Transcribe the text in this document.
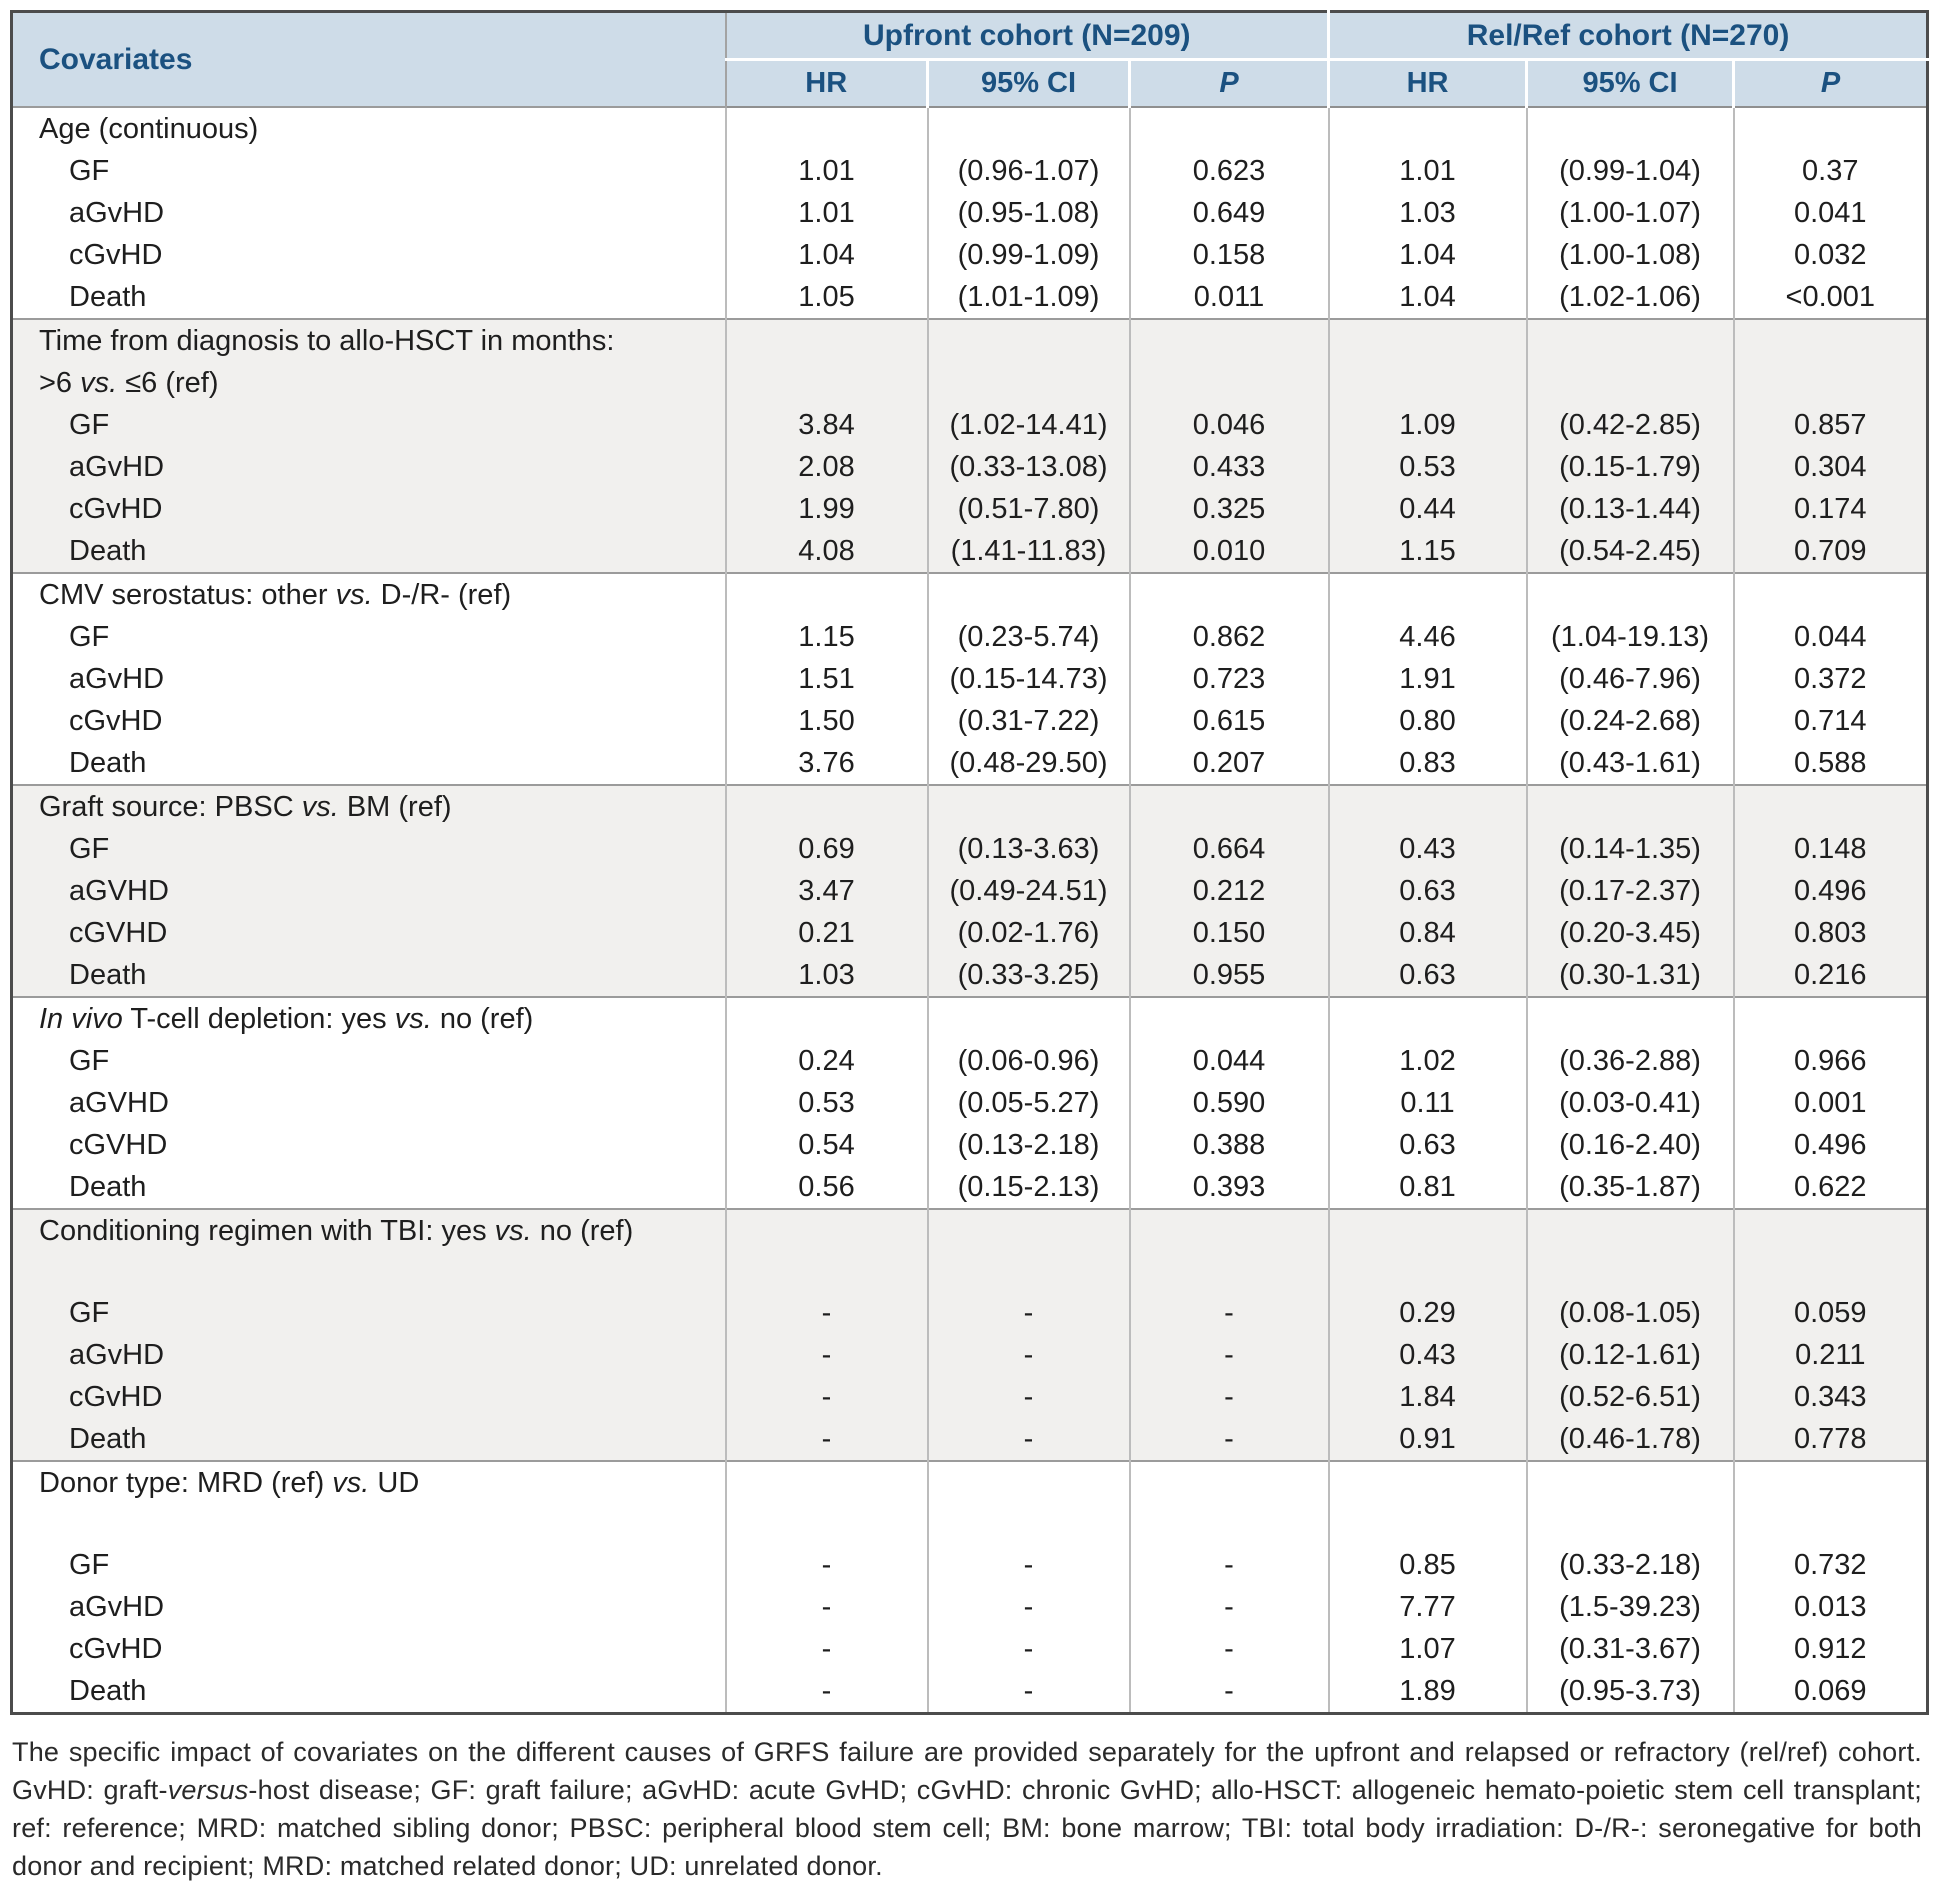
Covariates	Upfront cohort (N=209)			Rel/Ref cohort (N=270)		
	HR	95% CI	P	HR	95% CI	P
Age (continuous)						
GF	1.01	(0.96-1.07)	0.623	1.01	(0.99-1.04)	0.37
aGvHD	1.01	(0.95-1.08)	0.649	1.03	(1.00-1.07)	0.041
cGvHD	1.04	(0.99-1.09)	0.158	1.04	(1.00-1.08)	0.032
Death	1.05	(1.01-1.09)	0.011	1.04	(1.02-1.06)	<0.001
Time from diagnosis to allo-HSCT in months:
>6 vs. ≤6 (ref)						
GF	3.84	(1.02-14.41)	0.046	1.09	(0.42-2.85)	0.857
aGvHD	2.08	(0.33-13.08)	0.433	0.53	(0.15-1.79)	0.304
cGvHD	1.99	(0.51-7.80)	0.325	0.44	(0.13-1.44)	0.174
Death	4.08	(1.41-11.83)	0.010	1.15	(0.54-2.45)	0.709
CMV serostatus: other vs. D-/R- (ref)						
GF	1.15	(0.23-5.74)	0.862	4.46	(1.04-19.13)	0.044
aGvHD	1.51	(0.15-14.73)	0.723	1.91	(0.46-7.96)	0.372
cGvHD	1.50	(0.31-7.22)	0.615	0.80	(0.24-2.68)	0.714
Death	3.76	(0.48-29.50)	0.207	0.83	(0.43-1.61)	0.588
Graft source: PBSC vs. BM (ref)						
GF	0.69	(0.13-3.63)	0.664	0.43	(0.14-1.35)	0.148
aGVHD	3.47	(0.49-24.51)	0.212	0.63	(0.17-2.37)	0.496
cGVHD	0.21	(0.02-1.76)	0.150	0.84	(0.20-3.45)	0.803
Death	1.03	(0.33-3.25)	0.955	0.63	(0.30-1.31)	0.216
In vivo T-cell depletion: yes vs. no (ref)						
GF	0.24	(0.06-0.96)	0.044	1.02	(0.36-2.88)	0.966
aGVHD	0.53	(0.05-5.27)	0.590	0.11	(0.03-0.41)	0.001
cGVHD	0.54	(0.13-2.18)	0.388	0.63	(0.16-2.40)	0.496
Death	0.56	(0.15-2.13)	0.393	0.81	(0.35-1.87)	0.622
Conditioning regimen with TBI: yes vs. no (ref)						
GF	-	-	-	0.29	(0.08-1.05)	0.059
aGvHD	-	-	-	0.43	(0.12-1.61)	0.211
cGvHD	-	-	-	1.84	(0.52-6.51)	0.343
Death	-	-	-	0.91	(0.46-1.78)	0.778
Donor type: MRD (ref) vs. UD						
GF	-	-	-	0.85	(0.33-2.18)	0.732
aGvHD	-	-	-	7.77	(1.5-39.23)	0.013
cGvHD	-	-	-	1.07	(0.31-3.67)	0.912
Death	-	-	-	1.89	(0.95-3.73)	0.069

The specific impact of covariates on the different causes of GRFS failure are provided separately for the upfront and relapsed or refractory (rel/ref) cohort. GvHD: graft-versus-host disease; GF: graft failure; aGvHD: acute GvHD; cGvHD: chronic GvHD; allo-HSCT: allogeneic hemato-poietic stem cell transplant; ref: reference; MRD: matched sibling donor; PBSC: peripheral blood stem cell; BM: bone marrow; TBI: total body irradiation: D-/R-: seronegative for both donor and recipient; MRD: matched related donor; UD: unrelated donor.
